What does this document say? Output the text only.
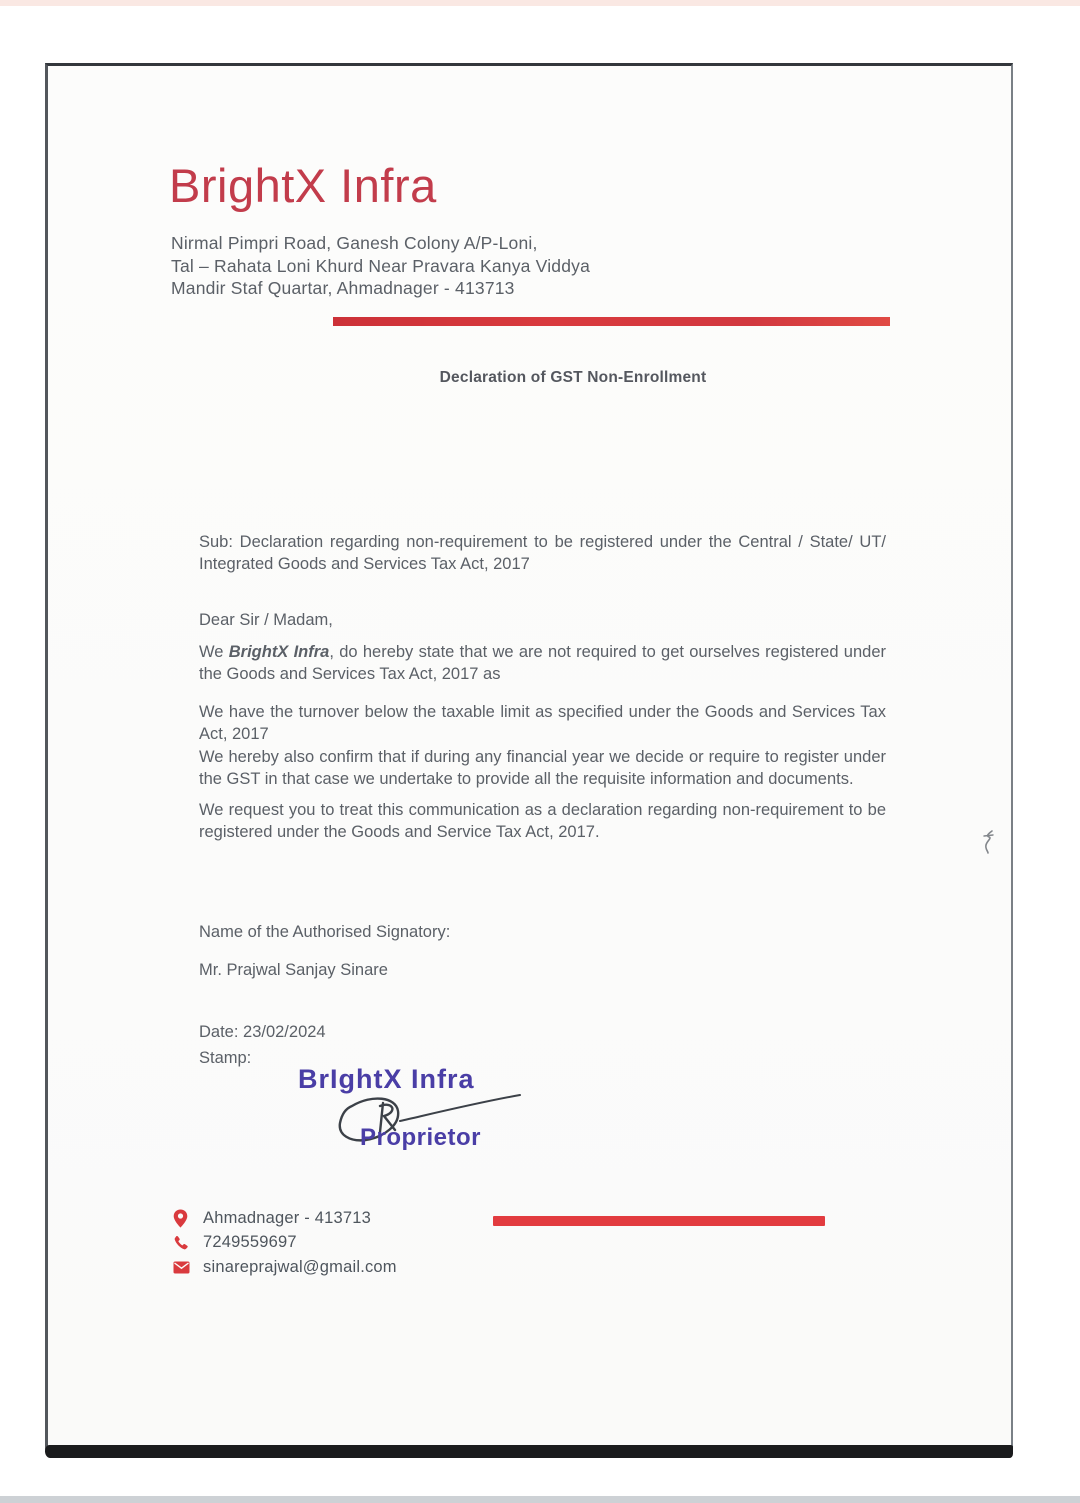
BrightX Infra
Nirmal Pimpri Road, Ganesh Colony A/P-Loni,
Tal – Rahata Loni Khurd Near Pravara Kanya Viddya
Mandir Staf Quartar, Ahmadnager - 413713
Declaration of GST Non-Enrollment
Sub: Declaration regarding non-requirement to be registered under the Central / State/ UT/ Integrated Goods and Services Tax Act, 2017
Dear Sir / Madam,
We BrightX Infra, do hereby state that we are not required to get ourselves registered under the Goods and Services Tax Act, 2017 as
We have the turnover below the taxable limit as specified under the Goods and Services Tax Act, 2017
We hereby also confirm that if during any financial year we decide or require to register under the GST in that case we undertake to provide all the requisite information and documents.
We request you to treat this communication as a declaration regarding non-requirement to be registered under the Goods and Service Tax Act, 2017.
Name of the Authorised Signatory:
Mr. Prajwal Sanjay Sinare
Date: 23/02/2024
Stamp:
BrIghtX Infra
Proprietor
Ahmadnager - 413713
7249559697
sinareprajwal@gmail.com
